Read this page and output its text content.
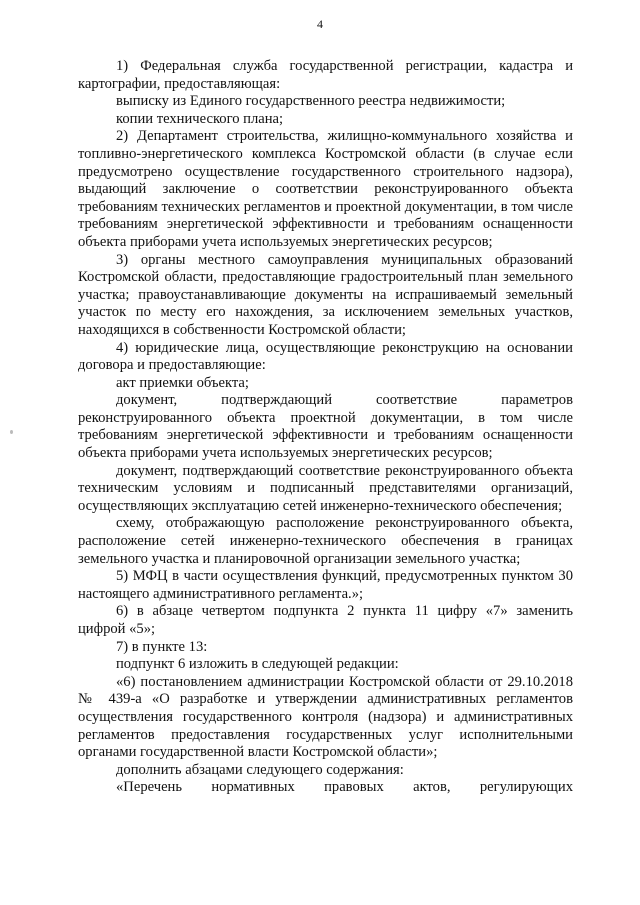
4

1) Федеральная служба государственной регистрации, кадастра и картографии, предоставляющая:

выписку из Единого государственного реестра недвижимости;

копии технического плана;

2) Департамент строительства, жилищно-коммунального хозяйства и топливно-энергетического комплекса Костромской области (в случае если предусмотрено осуществление государственного строительного надзора), выдающий заключение о соответствии реконструированного объекта требованиям технических регламентов и проектной документации, в том числе требованиям энергетической эффективности и требованиям оснащенности объекта приборами учета используемых энергетических ресурсов;

3) органы местного самоуправления муниципальных образований Костромской области, предоставляющие градостроительный план земельного участка; правоустанавливающие документы на испрашиваемый земельный участок по месту его нахождения, за исключением земельных участков, находящихся в собственности Костромской области;

4) юридические лица, осуществляющие реконструкцию на основании договора и предоставляющие:

акт приемки объекта;

документ, подтверждающий соответствие параметров реконструированного объекта проектной документации, в том числе требованиям энергетической эффективности и требованиям оснащенности объекта приборами учета используемых энергетических ресурсов;

документ, подтверждающий соответствие реконструированного объекта техническим условиям и подписанный представителями организаций, осуществляющих эксплуатацию сетей инженерно-технического обеспечения;

схему, отображающую расположение реконструированного объекта, расположение сетей инженерно-технического обеспечения в границах земельного участка и планировочной организации земельного участка;

5) МФЦ в части осуществления функций, предусмотренных пунктом 30 настоящего административного регламента.»;

6) в абзаце четвертом подпункта 2 пункта 11 цифру «7» заменить цифрой «5»;

7) в пункте 13:

подпункт 6 изложить в следующей редакции:

«6) постановлением администрации Костромской области от 29.10.2018 № 439-а «О разработке и утверждении административных регламентов осуществления государственного контроля (надзора) и административных регламентов предоставления государственных услуг исполнительными органами государственной власти Костромской области»;

дополнить абзацами следующего содержания:

«Перечень нормативных правовых актов, регулирующих
